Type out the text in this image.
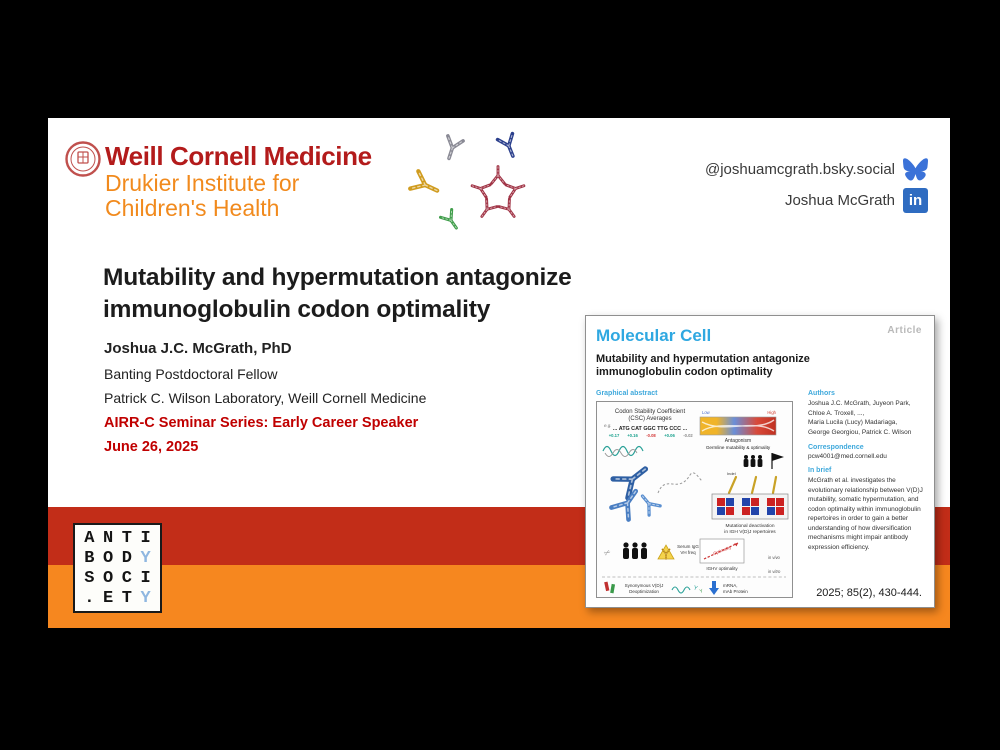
Weill Cornell Medicine
Drukier Institute for
Children's Health
@joshuamcgrath.bsky.social
Joshua McGrath in
Mutability and hypermutation antagonize
immunoglobulin codon optimality
Joshua J.C. McGrath, PhD
Banting Postdoctoral Fellow
Patrick C. Wilson Laboratory, Weill Cornell Medicine
AIRR-C Seminar Series: Early Career Speaker
June 26, 2025
A N T I
B O D Y
S O C I
. E T Y
Molecular Cell	Article
Mutability and hypermutation antagonize
immunoglobulin codon optimality
Graphical abstract
Codon Stability Coefficient
(CSC) Averages
e.g.
... ATG CAT GGC TTG CCC ...
+0.17 +0.16 -0.08 +0.06 -0.02
Low	High
Antagonism
Germline mutability & optimality
Indel
Mutational deactivation
in IGH V(D)J repertoires
✂
Serum IgG
VH freq	Optimality
IGHV optimality
in vivo
in vitro
Synonymous V(D)J
Deoptimization	Y Y
mRNA,
mAb Protein
Authors
Joshua J.C. McGrath, Juyeon Park,
Chloe A. Troxell, ...,
Maria Lucila (Lucy) Madariaga,
George Georgiou, Patrick C. Wilson
Correspondence
pcw4001@med.cornell.edu
In brief
McGrath et al. investigates the
evolutionary relationship between V(D)J
mutability, somatic hypermutation, and
codon optimality within immunoglobulin
repertoires in order to gain a better
understanding of how diversification
mechanisms might impair antibody
expression efficiency.
2025; 85(2), 430-444.
